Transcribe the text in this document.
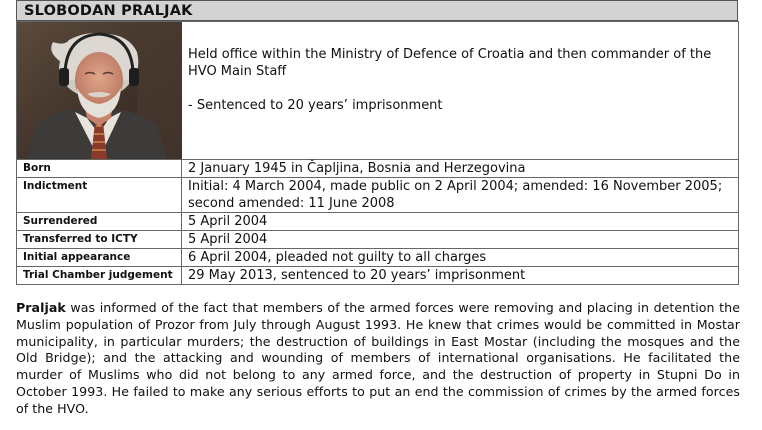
SLOBODAN PRALJAK

Held office within the Ministry of Defence of Croatia and then commander of the HVO Main Staff

- Sentenced to 20 years’ imprisonment

Born	2 January 1945 in Čapljina, Bosnia and Herzegovina
Indictment	Initial: 4 March 2004, made public on 2 April 2004; amended: 16 November 2005; second amended: 11 June 2008
Surrendered	5 April 2004
Transferred to ICTY	5 April 2004
Initial appearance	6 April 2004, pleaded not guilty to all charges
Trial Chamber judgement	29 May 2013, sentenced to 20 years’ imprisonment
Praljak was informed of the fact that members of the armed forces were removing and placing in detention the Muslim population of Prozor from July through August 1993. He knew that crimes would be committed in Mostar municipality, in particular murders; the destruction of buildings in East Mostar (including the mosques and the Old Bridge); and the attacking and wounding of members of international organisations. He facilitated the murder of Muslims who did not belong to any armed force, and the destruction of property in Stupni Do in October 1993. He failed to make any serious efforts to put an end the commission of crimes by the armed forces of the HVO.
